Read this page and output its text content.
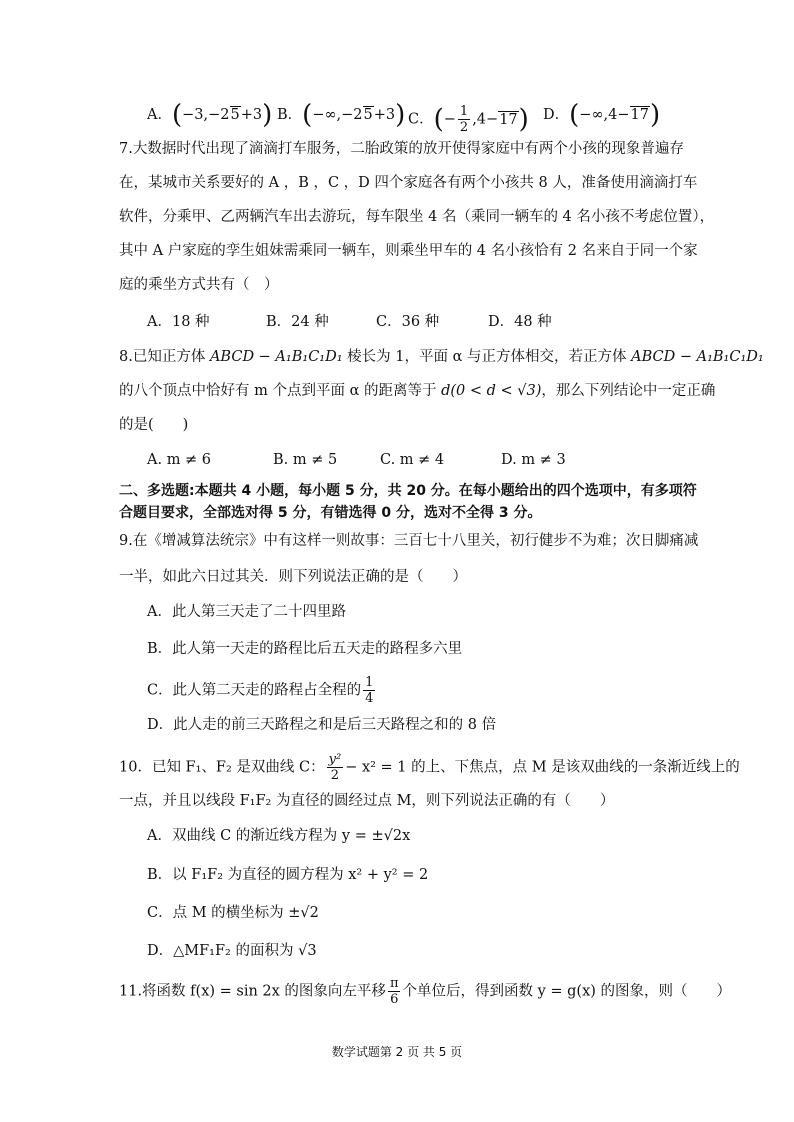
A．(−3,−25+3) B．(−∞,−25+3) C．(− $\frac{1}{2} ,4-17$) D．(−∞,4−17)
7.大数据时代出现了滴滴打车服务，二胎政策的放开使得家庭中有两个小孩的现象普遍存
在，某城市关系要好的 A ，B ，C ，D 四个家庭各有两个小孩共 8 人，准备使用滴滴打车
软件，分乘甲、乙两辆汽车出去游玩，每车限坐 4 名（乘同一辆车的 4 名小孩不考虑位置），
其中 A 户家庭的孪生姐妹需乘同一辆车，则乘坐甲车的 4 名小孩恰有 2 名来自于同一个家
庭的乘坐方式共有（　）
A．18 种	B．24 种	C．36 种	D．48 种
8.已知正方体 ABCD − A₁B₁C₁D₁ 棱长为 1，平面 α 与正方体相交，若正方体 ABCD − A₁B₁C₁D₁
的八个顶点中恰好有 m 个点到平面 α 的距离等于 d(0 < d < √3)，那么下列结论中一定正确
的是(　　)
A. m ≠ 6	B. m ≠ 5	C. m ≠ 4	D. m ≠ 3
二、多选题:本题共 4 小题，每小题 5 分，共 20 分。在每小题给出的四个选项中，有多项符
合题目要求，全部选对得 5 分，有错选得 0 分，选对不全得 3 分。
9.在《增减算法统宗》中有这样一则故事：三百七十八里关，初行健步不为难；次日脚痛减
一半，如此六日过其关．则下列说法正确的是（　　）
A．此人第三天走了二十四里路
B．此人第一天走的路程比后五天走的路程多六里
C．此人第二天走的路程占全程的 $\frac{1}{4}$
D．此人走的前三天路程之和是后三天路程之和的 8 倍
10．已知 F₁、F₂ 是双曲线 C： $\frac{\text{y²}}{2} - x^2 = 1$ 的上、下焦点，点 M 是该双曲线的一条渐近线上的
一点，并且以线段 F₁F₂ 为直径的圆经过点 M，则下列说法正确的有（　　）
A．双曲线 C 的渐近线方程为 y = ±√2x
B．以 F₁F₂ 为直径的圆方程为 x² + y² = 2
C．点 M 的横坐标为 ±√2
D．△MF₁F₂ 的面积为 √3
11.将函数 f(x) = sin 2x 的图象向左平移 $\frac{\pi}{6}$ 个单位后，得到函数 y = g(x) 的图象，则（　　）
数学试题第 2 页 共 5 页
